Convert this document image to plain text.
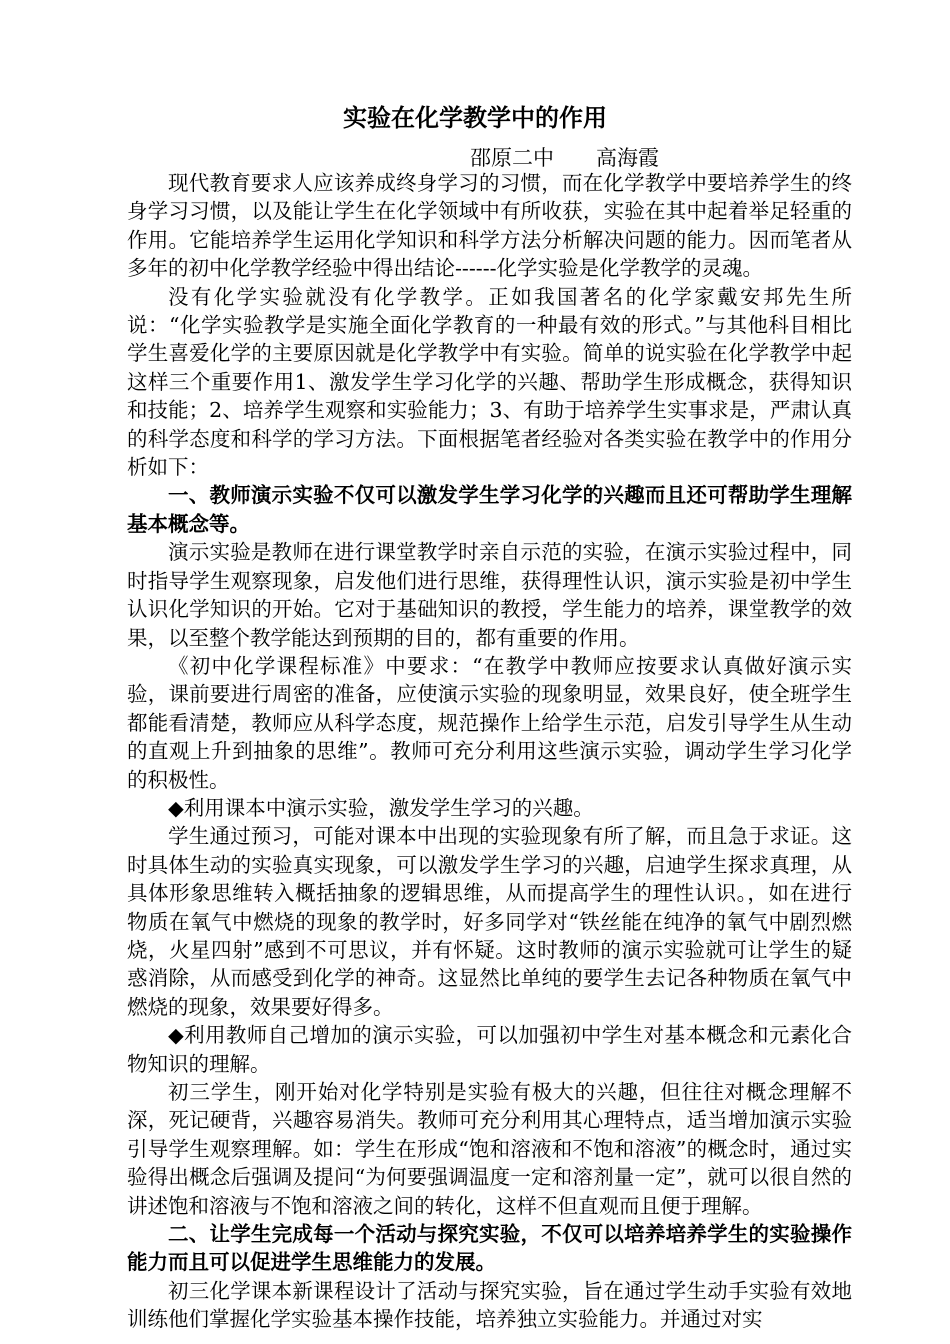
实验在化学教学中的作用
邵原二中　　高海霞

现代教育要求人应该养成终身学习的习惯，而在化学教学中要培养学生的终身学习习惯，以及能让学生在化学领域中有所收获，实验在其中起着举足轻重的作用。它能培养学生运用化学知识和科学方法分析解决问题的能力。因而笔者从多年的初中化学教学经验中得出结论------化学实验是化学教学的灵魂。

没有化学实验就没有化学教学。正如我国著名的化学家戴安邦先生所说：“化学实验教学是实施全面化学教育的一种最有效的形式。”与其他科目相比学生喜爱化学的主要原因就是化学教学中有实验。简单的说实验在化学教学中起这样三个重要作用1、激发学生学习化学的兴趣、帮助学生形成概念，获得知识和技能；2、培养学生观察和实验能力；3、有助于培养学生实事求是，严肃认真的科学态度和科学的学习方法。下面根据笔者经验对各类实验在教学中的作用分析如下：

一、教师演示实验不仅可以激发学生学习化学的兴趣而且还可帮助学生理解基本概念等。

演示实验是教师在进行课堂教学时亲自示范的实验，在演示实验过程中，同时指导学生观察现象，启发他们进行思维，获得理性认识，演示实验是初中学生认识化学知识的开始。它对于基础知识的教授，学生能力的培养，课堂教学的效果，以至整个教学能达到预期的目的，都有重要的作用。

《初中化学课程标准》中要求：“在教学中教师应按要求认真做好演示实验，课前要进行周密的准备，应使演示实验的现象明显，效果良好，使全班学生都能看清楚，教师应从科学态度，规范操作上给学生示范，启发引导学生从生动的直观上升到抽象的思维”。教师可充分利用这些演示实验，调动学生学习化学的积极性。

◆利用课本中演示实验，激发学生学习的兴趣。

学生通过预习，可能对课本中出现的实验现象有所了解，而且急于求证。这时具体生动的实验真实现象，可以激发学生学习的兴趣，启迪学生探求真理，从具体形象思维转入概括抽象的逻辑思维，从而提高学生的理性认识。，如在进行物质在氧气中燃烧的现象的教学时，好多同学对“铁丝能在纯净的氧气中剧烈燃烧，火星四射”感到不可思议，并有怀疑。这时教师的演示实验就可让学生的疑惑消除，从而感受到化学的神奇。这显然比单纯的要学生去记各种物质在氧气中燃烧的现象，效果要好得多。

◆利用教师自己增加的演示实验，可以加强初中学生对基本概念和元素化合物知识的理解。

初三学生，刚开始对化学特别是实验有极大的兴趣，但往往对概念理解不深，死记硬背，兴趣容易消失。教师可充分利用其心理特点，适当增加演示实验引导学生观察理解。如：学生在形成“饱和溶液和不饱和溶液”的概念时，通过实验得出概念后强调及提问“为何要强调温度一定和溶剂量一定”，就可以很自然的讲述饱和溶液与不饱和溶液之间的转化，这样不但直观而且便于理解。

二、让学生完成每一个活动与探究实验，不仅可以培养培养学生的实验操作能力而且可以促进学生思维能力的发展。

初三化学课本新课程设计了活动与探究实验，旨在通过学生动手实验有效地训练他们掌握化学实验基本操作技能，培养独立实验能力。并通过对实
